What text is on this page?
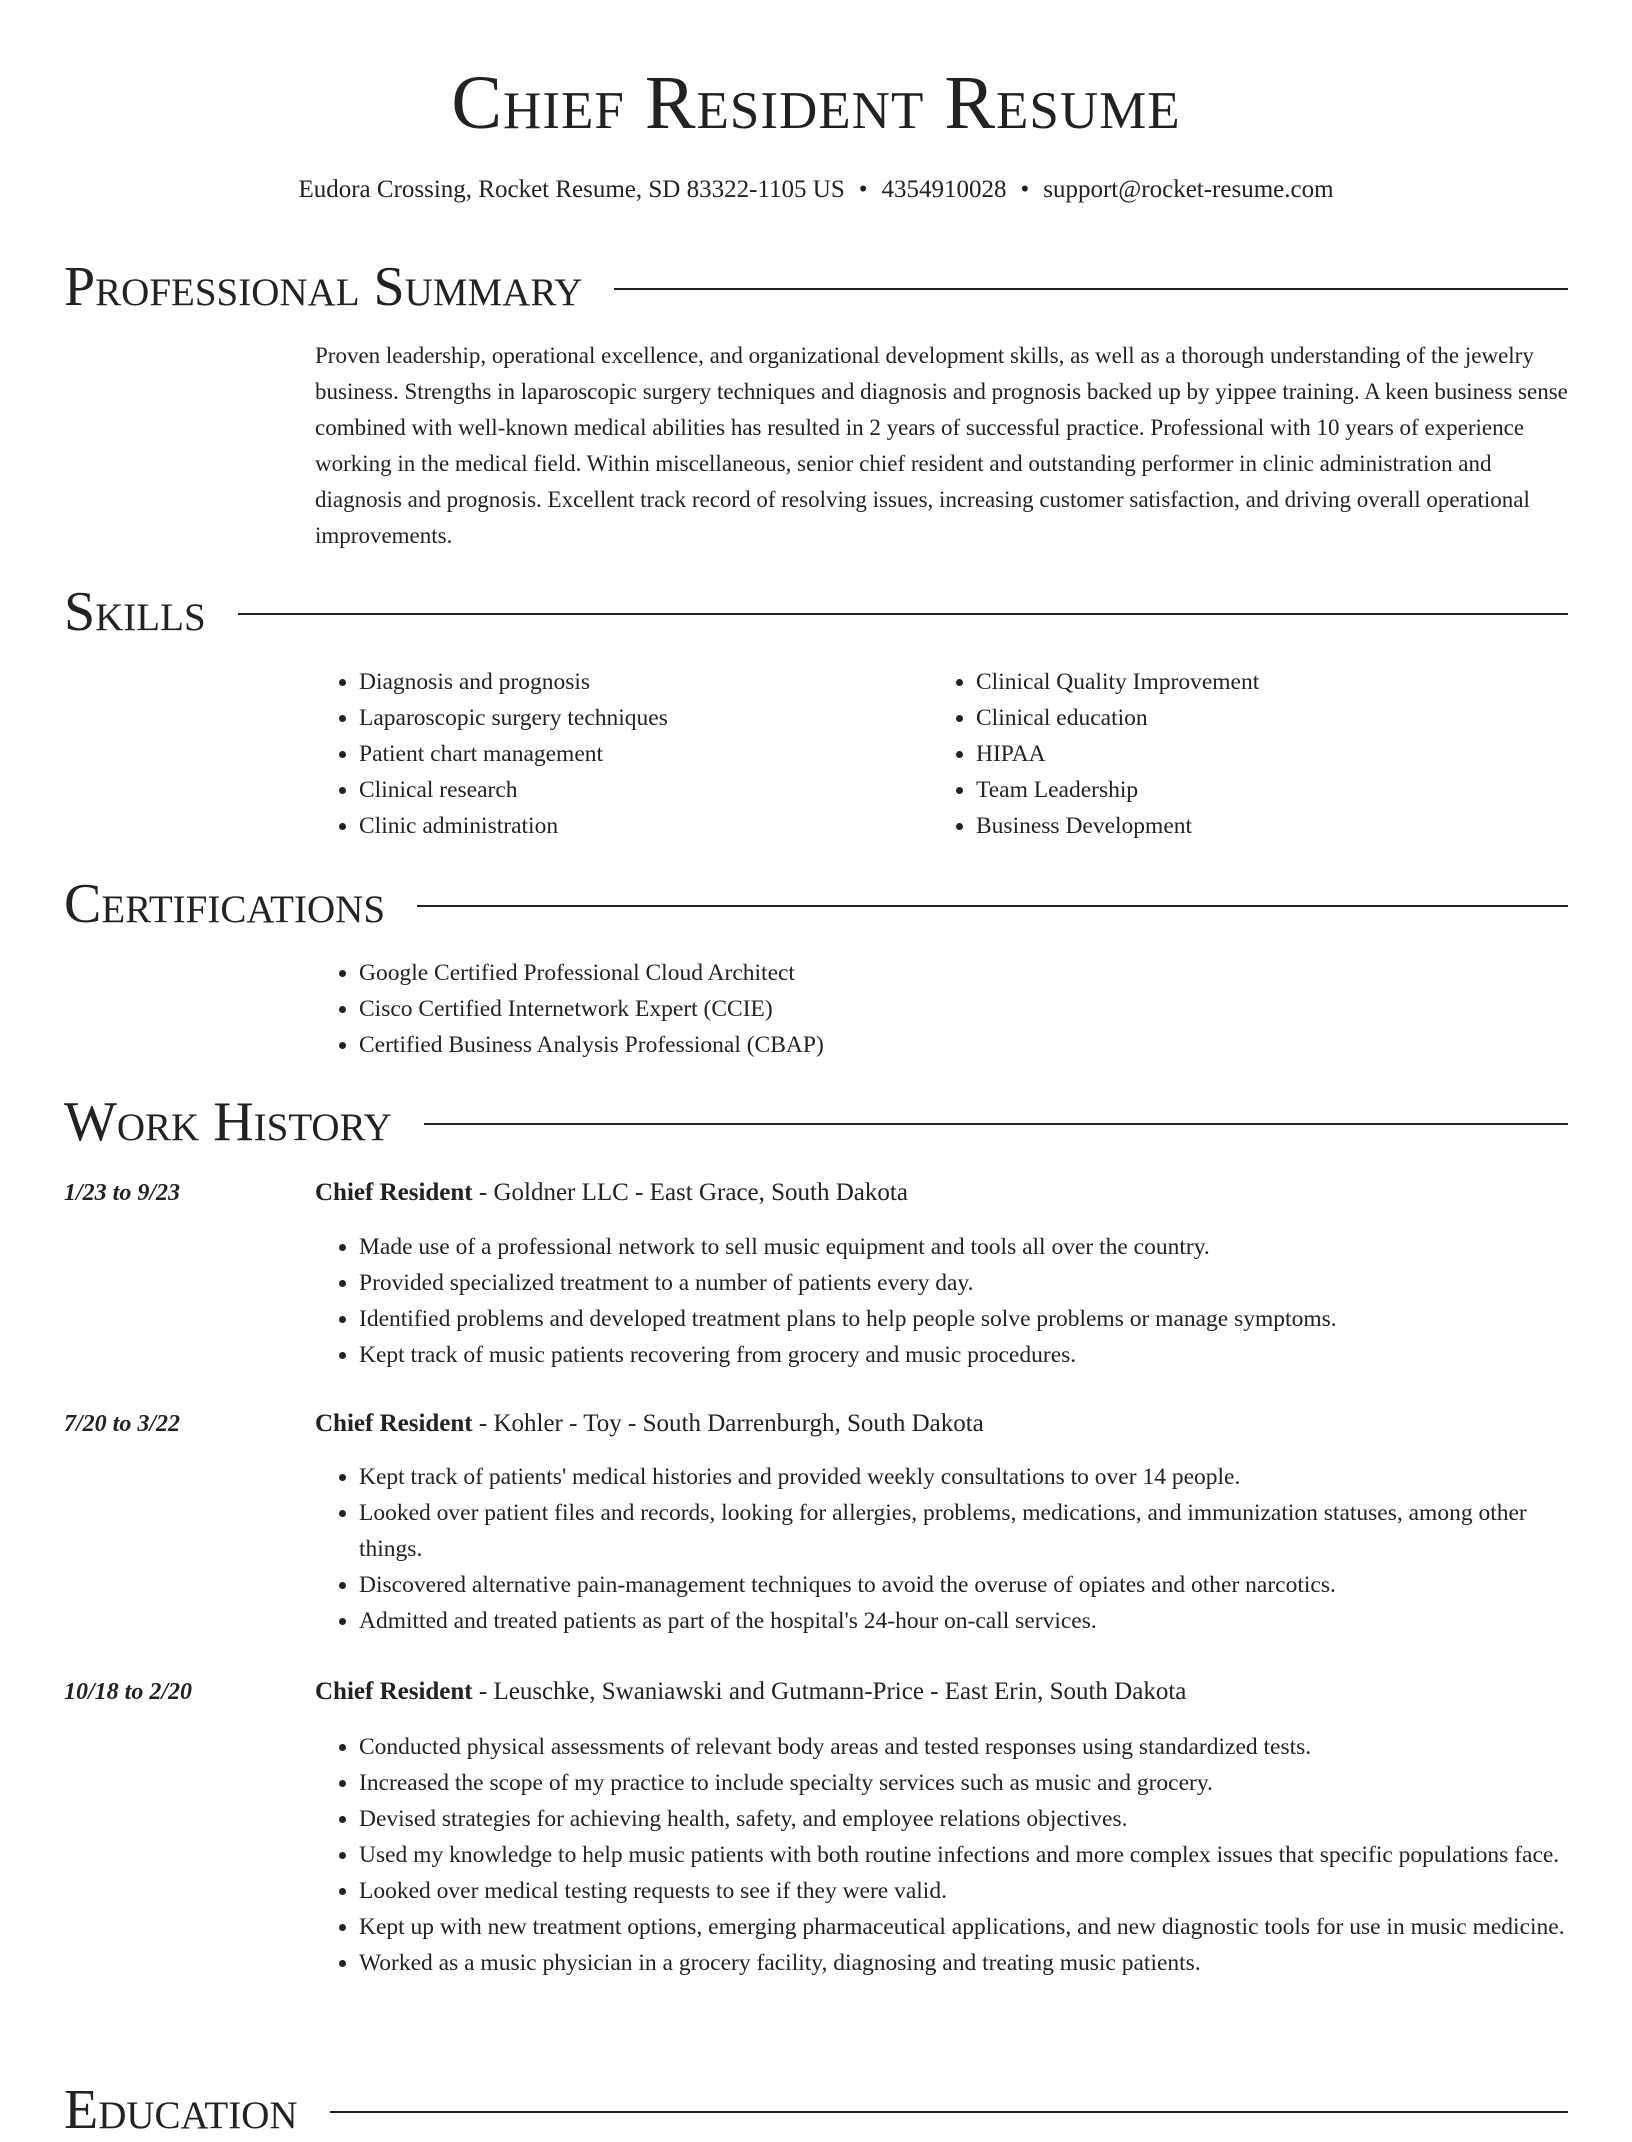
Chief Resident Resume
Eudora Crossing, Rocket Resume, SD 83322-1105 US • 4354910028 • support@rocket-resume.com
Professional Summary

Proven leadership, operational excellence, and organizational development skills, as well as a thorough understanding of the jewelry business. Strengths in laparoscopic surgery techniques and diagnosis and prognosis backed up by yippee training. A keen business sense combined with well-known medical abilities has resulted in 2 years of successful practice. Professional with 10 years of experience working in the medical field. Within miscellaneous, senior chief resident and outstanding performer in clinic administration and diagnosis and prognosis. Excellent track record of resolving issues, increasing customer satisfaction, and driving overall operational improvements.

Skills
• Diagnosis and prognosis
• Laparoscopic surgery techniques
• Patient chart management
• Clinical research
• Clinic administration
• Clinical Quality Improvement
• Clinical education
• HIPAA
• Team Leadership
• Business Development
Certifications
• Google Certified Professional Cloud Architect
• Cisco Certified Internetwork Expert (CCIE)
• Certified Business Analysis Professional (CBAP)
Work History
1/23 to 9/23	Chief Resident - Goldner LLC - East Grace, South Dakota
• Made use of a professional network to sell music equipment and tools all over the country.
• Provided specialized treatment to a number of patients every day.
• Identified problems and developed treatment plans to help people solve problems or manage symptoms.
• Kept track of music patients recovering from grocery and music procedures.
7/20 to 3/22	Chief Resident - Kohler - Toy - South Darrenburgh, South Dakota
• Kept track of patients' medical histories and provided weekly consultations to over 14 people.
• Looked over patient files and records, looking for allergies, problems, medications, and immunization statuses, among other things.
• Discovered alternative pain-management techniques to avoid the overuse of opiates and other narcotics.
• Admitted and treated patients as part of the hospital's 24-hour on-call services.
10/18 to 2/20	Chief Resident - Leuschke, Swaniawski and Gutmann-Price - East Erin, South Dakota
• Conducted physical assessments of relevant body areas and tested responses using standardized tests.
• Increased the scope of my practice to include specialty services such as music and grocery.
• Devised strategies for achieving health, safety, and employee relations objectives.
• Used my knowledge to help music patients with both routine infections and more complex issues that specific populations face.
• Looked over medical testing requests to see if they were valid.
• Kept up with new treatment options, emerging pharmaceutical applications, and new diagnostic tools for use in music medicine.
• Worked as a music physician in a grocery facility, diagnosing and treating music patients.
Education
